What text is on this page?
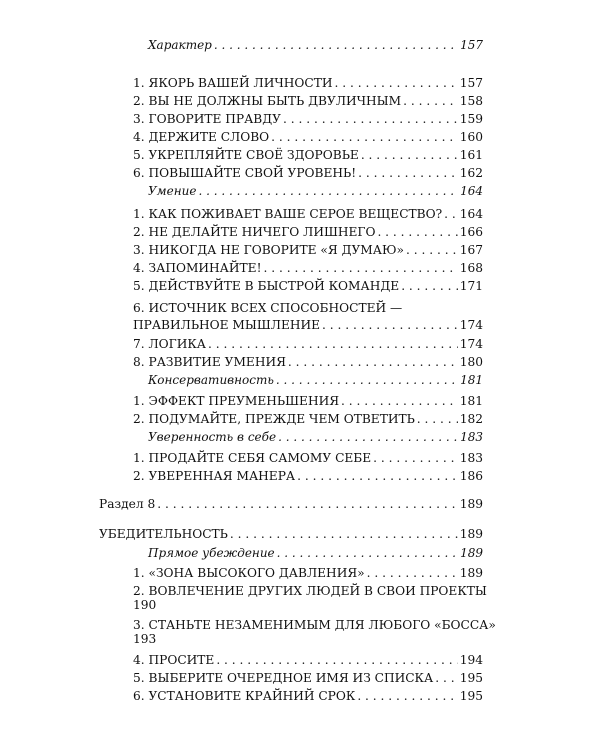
Характер . . .	157
1. ЯКОРЬ ВАШЕЙ ЛИЧНОСТИ . . .	157
2. ВЫ НЕ ДОЛЖНЫ БЫТЬ ДВУЛИЧНЫМ . . .	158
3. ГОВОРИТЕ ПРАВДУ . . .	159
4. ДЕРЖИТЕ СЛОВО . . .	160
5. УКРЕПЛЯЙТЕ СВОЁ ЗДОРОВЬЕ . . .	161
6. ПОВЫШАЙТЕ СВОЙ УРОВЕНЬ! . . .	162
Умение . . .	164
1. КАК ПОЖИВАЕТ ВАШЕ СЕРОЕ ВЕЩЕСТВО? . . . 164
2. НЕ ДЕЛАЙТЕ НИЧЕГО ЛИШНЕГО . . .	166
3. НИКОГДА НЕ ГОВОРИТЕ «Я ДУМАЮ» . . .	167
4. ЗАПОМИНАЙТЕ! . . .	168
5. ДЕЙСТВУЙТЕ В БЫСТРОЙ КОМАНДЕ . . .	171
6. ИСТОЧНИК ВСЕХ СПОСОБНОСТЕЙ —
ПРАВИЛЬНОЕ МЫШЛЕНИЕ . . .	174
7. ЛОГИКА . . .	174
8. РАЗВИТИЕ УМЕНИЯ . . .	180
Консервативность . . .	181
1. ЭФФЕКТ ПРЕУМЕНЬШЕНИЯ . . .	181
2. ПОДУМАЙТЕ, ПРЕЖДЕ ЧЕМ ОТВЕТИТЬ . . .	182
Уверенность в себе . . .	183
1. ПРОДАЙТЕ СЕБЯ САМОМУ СЕБЕ . . .	183
2. УВЕРЕННАЯ МАНЕРА . . .	186
Раздел 8 . . .	189
УБЕДИТЕЛЬНОСТЬ . . .	189
Прямое убеждение . . .	189
1. «ЗОНА ВЫСОКОГО ДАВЛЕНИЯ» . . .	189
2. ВОВЛЕЧЕНИЕ ДРУГИХ ЛЮДЕЙ В СВОИ ПРОЕКТЫ
190
3. СТАНЬТЕ НЕЗАМЕНИМЫМ ДЛЯ ЛЮБОГО «БОССА»
193
4. ПРОСИТЕ . . .	194
5. ВЫБЕРИТЕ ОЧЕРЕДНОЕ ИМЯ ИЗ СПИСКА . . . 195
6. УСТАНОВИТЕ КРАЙНИЙ СРОК . . .	195
